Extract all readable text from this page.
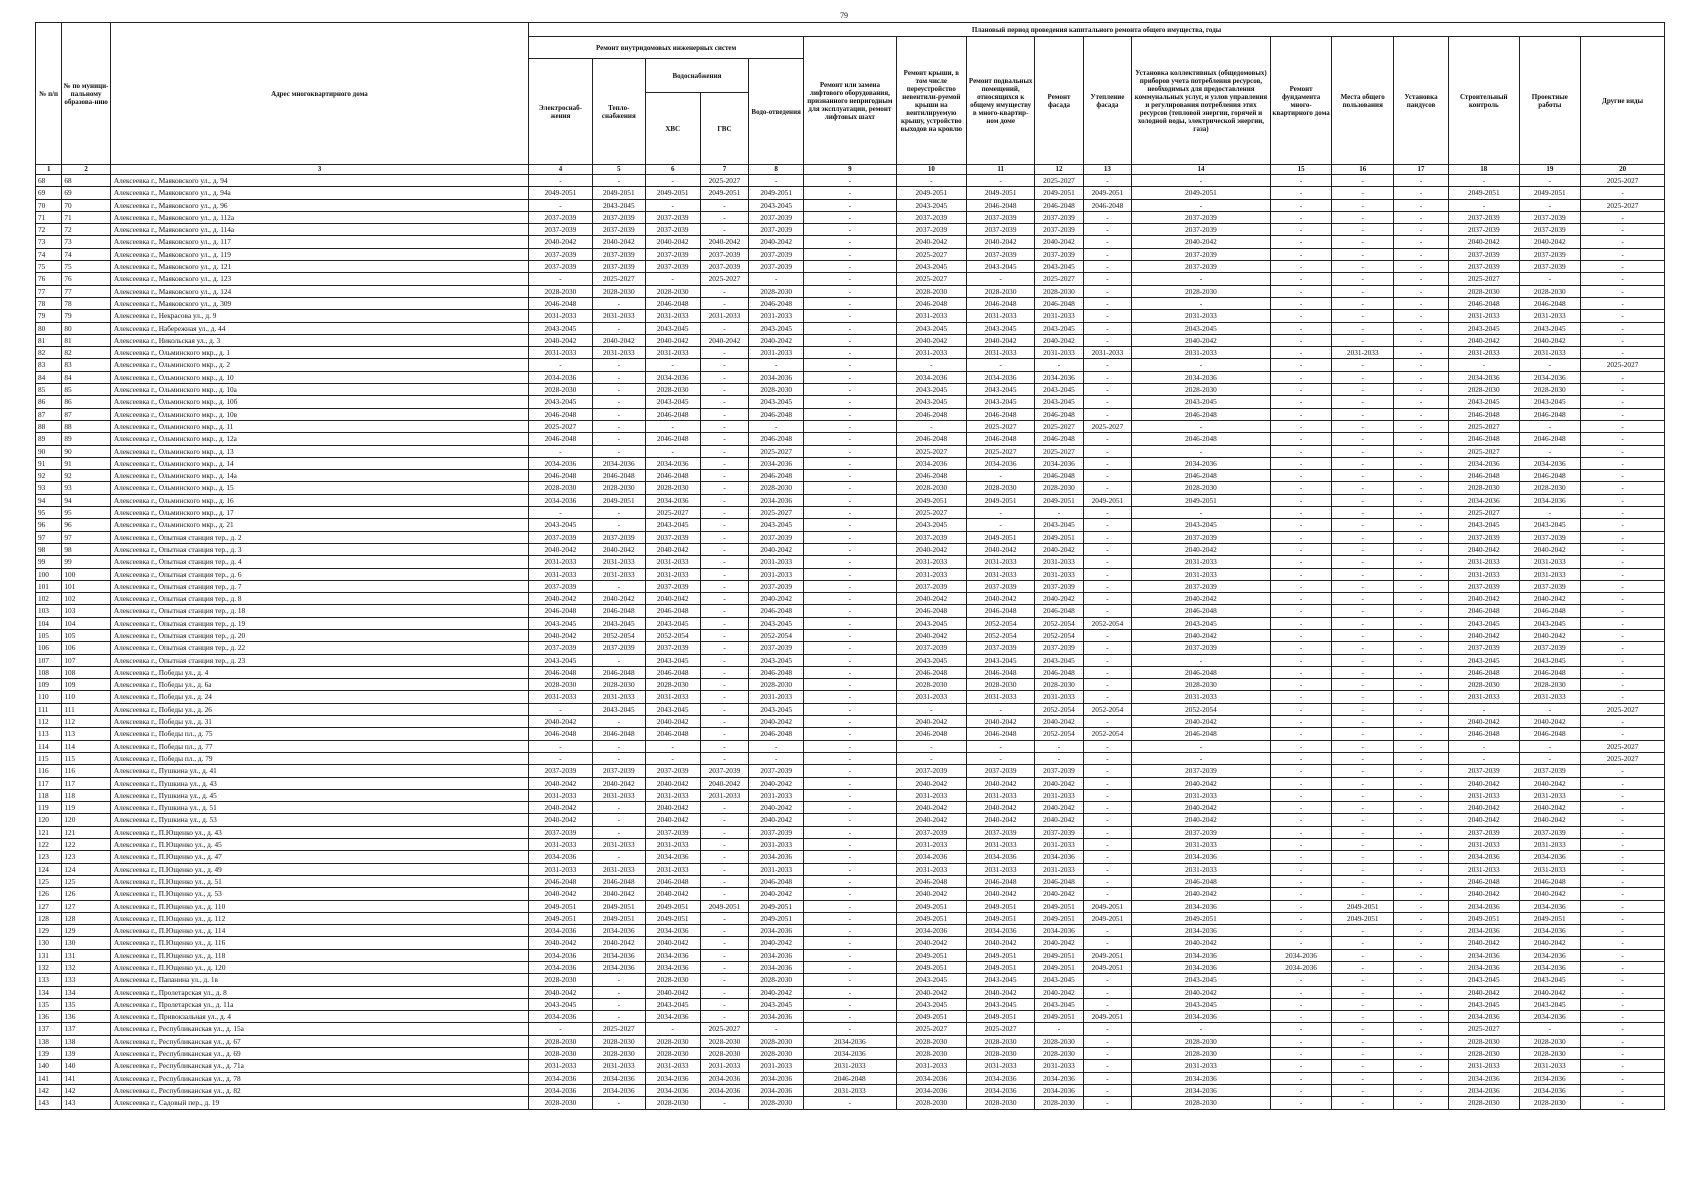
79
№ п/п	№ по муници-пальному образова-нию	Адрес многоквартирного дома	Плановый период проведения капитального ремонта общего имущества, годы																
			Ремонт внутридомовых инженерных систем					Ремонт или замена лифтового оборудования, признанного непригодным для эксплуатации, ремонт лифтовых шахт	Ремонт крыши, в том числе переустройство невентили-руемой крыши на вентилируемую крышу, устройство выходов на кровлю	Ремонт подвальных помещений, относящихся к общему имуществу в много-квартир-ном доме	Ремонт фасада	Утепление фасада	Установка коллективных (общедомовых) приборов учета потребления ресурсов, необходимых для предоставления коммунальных услуг, и узлов управления и регулирования потребления этих ресурсов (тепловой энергии, горячей и холодной воды, электрической энергии, газа)	Ремонт фундамента много-квартирного дома	Места общего пользования	Установка пандусов	Строительный контроль	Проектные работы	Другие виды
			Электроснаб-жения	Тепло-снабжения	Водоснабжения		Водо-отведения												
					ХВС	ГВС													
1	2	3	4	5	6	7	8	9	10	11	12	13	14	15	16	17	18	19	20
68	68	Алексеевка г., Маяковского ул., д. 94	-	-	-	2025-2027	-	-	-	-	2025-2027	-	-	-	-	-	-	-	2025-2027
69	69	Алексеевка г., Маяковского ул., д. 94а	2049-2051	2049-2051	2049-2051	2049-2051	2049-2051	-	2049-2051	2049-2051	2049-2051	2049-2051	2049-2051	-	-	-	2049-2051	2049-2051	-
70	70	Алексеевка г., Маяковского ул., д. 96	-	2043-2045	-	-	2043-2045	-	2043-2045	2046-2048	2046-2048	2046-2048	-	-	-	-	-	-	2025-2027
71	71	Алексеевка г., Маяковского ул., д. 112а	2037-2039	2037-2039	2037-2039	-	2037-2039	-	2037-2039	2037-2039	2037-2039	-	2037-2039	-	-	-	2037-2039	2037-2039	-
72	72	Алексеевка г., Маяковского ул., д. 114а	2037-2039	2037-2039	2037-2039	-	2037-2039	-	2037-2039	2037-2039	2037-2039	-	2037-2039	-	-	-	2037-2039	2037-2039	-
73	73	Алексеевка г., Маяковского ул., д. 117	2040-2042	2040-2042	2040-2042	2040-2042	2040-2042	-	2040-2042	2040-2042	2040-2042	-	2040-2042	-	-	-	2040-2042	2040-2042	-
74	74	Алексеевка г., Маяковского ул., д. 119	2037-2039	2037-2039	2037-2039	2037-2039	2037-2039	-	2025-2027	2037-2039	2037-2039	-	2037-2039	-	-	-	2037-2039	2037-2039	-
75	75	Алексеевка г., Маяковского ул., д. 121	2037-2039	2037-2039	2037-2039	2037-2039	2037-2039	-	2043-2045	2043-2045	2043-2045	-	2037-2039	-	-	-	2037-2039	2037-2039	-
76	76	Алексеевка г., Маяковского ул., д. 123	-	2025-2027	-	2025-2027	-	-	2025-2027	-	2025-2027	-	-	-	-	-	2025-2027	-	-
77	77	Алексеевка г., Маяковского ул., д. 124	2028-2030	2028-2030	2028-2030	-	2028-2030	-	2028-2030	2028-2030	2028-2030	-	2028-2030	-	-	-	2028-2030	2028-2030	-
78	78	Алексеевка г., Маяковского ул., д. 309	2046-2048	-	2046-2048	-	2046-2048	-	2046-2048	2046-2048	2046-2048	-	-	-	-	-	2046-2048	2046-2048	-
79	79	Алексеевка г., Некрасова ул., д. 9	2031-2033	2031-2033	2031-2033	2031-2033	2031-2033	-	2031-2033	2031-2033	2031-2033	-	2031-2033	-	-	-	2031-2033	2031-2033	-
80	80	Алексеевка г., Набережная ул., д. 44	2043-2045	-	2043-2045	-	2043-2045	-	2043-2045	2043-2045	2043-2045	-	2043-2045	-	-	-	2043-2045	2043-2045	-
81	81	Алексеевка г., Никольская ул., д. 3	2040-2042	2040-2042	2040-2042	2040-2042	2040-2042	-	2040-2042	2040-2042	2040-2042	-	2040-2042	-	-	-	2040-2042	2040-2042	-
82	82	Алексеевка г., Ольминского мкр., д. 1	2031-2033	2031-2033	2031-2033	-	2031-2033	-	2031-2033	2031-2033	2031-2033	2031-2033	2031-2033	-	2031-2033	-	2031-2033	2031-2033	-
83	83	Алексеевка г., Ольминского мкр., д. 2	-	-	-	-	-	-	-	-	-	-	-	-	-	-	-	-	2025-2027
84	84	Алексеевка г., Ольминского мкр., д. 10	2034-2036	-	2034-2036	-	2034-2036	-	2034-2036	2034-2036	2034-2036	-	2034-2036	-	-	-	2034-2036	2034-2036	-
85	85	Алексеевка г., Ольминского мкр., д. 10а	2028-2030	-	2028-2030	-	2028-2030	-	2043-2045	2043-2045	2043-2045	-	2028-2030	-	-	-	2028-2030	2028-2030	-
86	86	Алексеевка г., Ольминского мкр., д. 10б	2043-2045	-	2043-2045	-	2043-2045	-	2043-2045	2043-2045	2043-2045	-	2043-2045	-	-	-	2043-2045	2043-2045	-
87	87	Алексеевка г., Ольминского мкр., д. 10в	2046-2048	-	2046-2048	-	2046-2048	-	2046-2048	2046-2048	2046-2048	-	2046-2048	-	-	-	2046-2048	2046-2048	-
88	88	Алексеевка г., Ольминского мкр., д. 11	2025-2027	-	-	-	-	-	-	2025-2027	2025-2027	2025-2027	-	-	-	-	2025-2027	-	-
89	89	Алексеевка г., Ольминского мкр., д. 12а	2046-2048	-	2046-2048	-	2046-2048	-	2046-2048	2046-2048	2046-2048	-	2046-2048	-	-	-	2046-2048	2046-2048	-
90	90	Алексеевка г., Ольминского мкр., д. 13	-	-	-	-	2025-2027	-	2025-2027	2025-2027	2025-2027	-	-	-	-	-	2025-2027	-	-
91	91	Алексеевка г., Ольминского мкр., д. 14	2034-2036	2034-2036	2034-2036	-	2034-2036	-	2034-2036	2034-2036	2034-2036	-	2034-2036	-	-	-	2034-2036	2034-2036	-
92	92	Алексеевка г., Ольминского мкр., д. 14а	2046-2048	2046-2048	2046-2048	-	2046-2048	-	2046-2048	-	2046-2048	-	2046-2048	-	-	-	2046-2048	2046-2048	-
93	93	Алексеевка г., Ольминского мкр., д. 15	2028-2030	2028-2030	2028-2030	-	2028-2030	-	2028-2030	2028-2030	2028-2030	-	2028-2030	-	-	-	2028-2030	2028-2030	-
94	94	Алексеевка г., Ольминского мкр., д. 16	2034-2036	2049-2051	2034-2036	-	2034-2036	-	2049-2051	2049-2051	2049-2051	2049-2051	2049-2051	-	-	-	2034-2036	2034-2036	-
95	95	Алексеевка г., Ольминского мкр., д. 17	-	-	2025-2027	-	2025-2027	-	2025-2027	-	-	-	-	-	-	-	2025-2027	-	-
96	96	Алексеевка г., Ольминского мкр., д. 21	2043-2045	-	2043-2045	-	2043-2045	-	2043-2045	-	2043-2045	-	2043-2045	-	-	-	2043-2045	2043-2045	-
97	97	Алексеевка г., Опытная станция тер., д. 2	2037-2039	2037-2039	2037-2039	-	2037-2039	-	2037-2039	2049-2051	2049-2051	-	2037-2039	-	-	-	2037-2039	2037-2039	-
98	98	Алексеевка г., Опытная станция тер., д. 3	2040-2042	2040-2042	2040-2042	-	2040-2042	-	2040-2042	2040-2042	2040-2042	-	2040-2042	-	-	-	2040-2042	2040-2042	-
99	99	Алексеевка г., Опытная станция тер., д. 4	2031-2033	2031-2033	2031-2033	-	2031-2033	-	2031-2033	2031-2033	2031-2033	-	2031-2033	-	-	-	2031-2033	2031-2033	-
100	100	Алексеевка г., Опытная станция тер., д. 6	2031-2033	2031-2033	2031-2033	-	2031-2033	-	2031-2033	2031-2033	2031-2033	-	2031-2033	-	-	-	2031-2033	2031-2033	-
101	101	Алексеевка г., Опытная станция тер., д. 7	2037-2039	-	2037-2039	-	2037-2039	-	2037-2039	2037-2039	2037-2039	-	2037-2039	-	-	-	2037-2039	2037-2039	-
102	102	Алексеевка г., Опытная станция тер., д. 8	2040-2042	2040-2042	2040-2042	-	2040-2042	-	2040-2042	2040-2042	2040-2042	-	2040-2042	-	-	-	2040-2042	2040-2042	-
103	103	Алексеевка г., Опытная станция тер., д. 18	2046-2048	2046-2048	2046-2048	-	2046-2048	-	2046-2048	2046-2048	2046-2048	-	2046-2048	-	-	-	2046-2048	2046-2048	-
104	104	Алексеевка г., Опытная станция тер., д. 19	2043-2045	2043-2045	2043-2045	-	2043-2045	-	2043-2045	2052-2054	2052-2054	2052-2054	2043-2045	-	-	-	2043-2045	2043-2045	-
105	105	Алексеевка г., Опытная станция тер., д. 20	2040-2042	2052-2054	2052-2054	-	2052-2054	-	2040-2042	2052-2054	2052-2054	-	2040-2042	-	-	-	2040-2042	2040-2042	-
106	106	Алексеевка г., Опытная станция тер., д. 22	2037-2039	2037-2039	2037-2039	-	2037-2039	-	2037-2039	2037-2039	2037-2039	-	2037-2039	-	-	-	2037-2039	2037-2039	-
107	107	Алексеевка г., Опытная станция тер., д. 23	2043-2045	-	2043-2045	-	2043-2045	-	2043-2045	2043-2045	2043-2045	-	-	-	-	-	2043-2045	2043-2045	-
108	108	Алексеевка г., Победы ул., д. 4	2046-2048	2046-2048	2046-2048	-	2046-2048	-	2046-2048	2046-2048	2046-2048	-	2046-2048	-	-	-	2046-2048	2046-2048	-
109	109	Алексеевка г., Победы ул., д. 6а	2028-2030	2028-2030	2028-2030	-	2028-2030	-	2028-2030	2028-2030	2028-2030	-	2028-2030	-	-	-	2028-2030	2028-2030	-
110	110	Алексеевка г., Победы ул., д. 24	2031-2033	2031-2033	2031-2033	-	2031-2033	-	2031-2033	2031-2033	2031-2033	-	2031-2033	-	-	-	2031-2033	2031-2033	-
111	111	Алексеевка г., Победы ул., д. 26	-	2043-2045	2043-2045	-	2043-2045	-	-	-	2052-2054	2052-2054	2052-2054	-	-	-	-	-	2025-2027
112	112	Алексеевка г., Победы ул., д. 31	2040-2042	-	2040-2042	-	2040-2042	-	2040-2042	2040-2042	2040-2042	-	2040-2042	-	-	-	2040-2042	2040-2042	-
113	113	Алексеевка г., Победы пл., д. 75	2046-2048	2046-2048	2046-2048	-	2046-2048	-	2046-2048	2046-2048	2052-2054	2052-2054	2046-2048	-	-	-	2046-2048	2046-2048	-
114	114	Алексеевка г., Победы пл., д. 77	-	-	-	-	-	-	-	-	-	-	-	-	-	-	-	-	2025-2027
115	115	Алексеевка г., Победы пл., д. 79	-	-	-	-	-	-	-	-	-	-	-	-	-	-	-	-	2025-2027
116	116	Алексеевка г., Пушкина ул., д. 41	2037-2039	2037-2039	2037-2039	2037-2039	2037-2039	-	2037-2039	2037-2039	2037-2039	-	2037-2039	-	-	-	2037-2039	2037-2039	-
117	117	Алексеевка г., Пушкина ул., д. 43	2040-2042	2040-2042	2040-2042	2040-2042	2040-2042	-	2040-2042	2040-2042	2040-2042	-	2040-2042	-	-	-	2040-2042	2040-2042	-
118	118	Алексеевка г., Пушкина ул., д. 45	2031-2033	2031-2033	2031-2033	2031-2033	2031-2033	-	2031-2033	2031-2033	2031-2033	-	2031-2033	-	-	-	2031-2033	2031-2033	-
119	119	Алексеевка г., Пушкина ул., д. 51	2040-2042	-	2040-2042	-	2040-2042	-	2040-2042	2040-2042	2040-2042	-	2040-2042	-	-	-	2040-2042	2040-2042	-
120	120	Алексеевка г., Пушкина ул., д. 53	2040-2042	-	2040-2042	-	2040-2042	-	2040-2042	2040-2042	2040-2042	-	2040-2042	-	-	-	2040-2042	2040-2042	-
121	121	Алексеевка г., П.Ющенко ул., д. 43	2037-2039	-	2037-2039	-	2037-2039	-	2037-2039	2037-2039	2037-2039	-	2037-2039	-	-	-	2037-2039	2037-2039	-
122	122	Алексеевка г., П.Ющенко ул., д. 45	2031-2033	2031-2033	2031-2033	-	2031-2033	-	2031-2033	2031-2033	2031-2033	-	2031-2033	-	-	-	2031-2033	2031-2033	-
123	123	Алексеевка г., П.Ющенко ул., д. 47	2034-2036	-	2034-2036	-	2034-2036	-	2034-2036	2034-2036	2034-2036	-	2034-2036	-	-	-	2034-2036	2034-2036	-
124	124	Алексеевка г., П.Ющенко ул., д. 49	2031-2033	2031-2033	2031-2033	-	2031-2033	-	2031-2033	2031-2033	2031-2033	-	2031-2033	-	-	-	2031-2033	2031-2033	-
125	125	Алексеевка г., П.Ющенко ул., д. 51	2046-2048	2046-2048	2046-2048	-	2046-2048	-	2046-2048	2046-2048	2046-2048	-	2046-2048	-	-	-	2046-2048	2046-2048	-
126	126	Алексеевка г., П.Ющенко ул., д. 53	2040-2042	2040-2042	2040-2042	-	2040-2042	-	2040-2042	2040-2042	2040-2042	-	2040-2042	-	-	-	2040-2042	2040-2042	-
127	127	Алексеевка г., П.Ющенко ул., д. 110	2049-2051	2049-2051	2049-2051	2049-2051	2049-2051	-	2049-2051	2049-2051	2049-2051	2049-2051	2034-2036	-	2049-2051	-	2034-2036	2034-2036	-
128	128	Алексеевка г., П.Ющенко ул., д. 112	2049-2051	2049-2051	2049-2051	-	2049-2051	-	2049-2051	2049-2051	2049-2051	2049-2051	2049-2051	-	2049-2051	-	2049-2051	2049-2051	-
129	129	Алексеевка г., П.Ющенко ул., д. 114	2034-2036	2034-2036	2034-2036	-	2034-2036	-	2034-2036	2034-2036	2034-2036	-	2034-2036	-	-	-	2034-2036	2034-2036	-
130	130	Алексеевка г., П.Ющенко ул., д. 116	2040-2042	2040-2042	2040-2042	-	2040-2042	-	2040-2042	2040-2042	2040-2042	-	2040-2042	-	-	-	2040-2042	2040-2042	-
131	131	Алексеевка г., П.Ющенко ул., д. 118	2034-2036	2034-2036	2034-2036	-	2034-2036	-	2049-2051	2049-2051	2049-2051	2049-2051	2034-2036	2034-2036	-	-	2034-2036	2034-2036	-
132	132	Алексеевка г., П.Ющенко ул., д. 120	2034-2036	2034-2036	2034-2036	-	2034-2036	-	2049-2051	2049-2051	2049-2051	2049-2051	2034-2036	2034-2036	-	-	2034-2036	2034-2036	-
133	133	Алексеевка г., Папанина ул., д. 1в	2028-2030	-	2028-2030	-	2028-2030	-	2043-2045	2043-2045	2043-2045	-	2043-2045	-	-	-	2043-2045	2043-2045	-
134	134	Алексеевка г., Пролетарская ул., д. 8	2040-2042	-	2040-2042	-	2040-2042	-	2040-2042	2040-2042	2040-2042	-	2040-2042	-	-	-	2040-2042	2040-2042	-
135	135	Алексеевка г., Пролетарская ул., д. 11а	2043-2045	-	2043-2045	-	2043-2045	-	2043-2045	2043-2045	2043-2045	-	2043-2045	-	-	-	2043-2045	2043-2045	-
136	136	Алексеевка г., Привокзальная ул., д. 4	2034-2036	-	2034-2036	-	2034-2036	-	2049-2051	2049-2051	2049-2051	2049-2051	2034-2036	-	-	-	2034-2036	2034-2036	-
137	137	Алексеевка г., Республиканская ул., д. 15а	-	2025-2027	-	2025-2027	-	-	2025-2027	2025-2027	-	-	-	-	-	-	2025-2027	-	-
138	138	Алексеевка г., Республиканская ул., д. 67	2028-2030	2028-2030	2028-2030	2028-2030	2028-2030	2034-2036	2028-2030	2028-2030	2028-2030	-	2028-2030	-	-	-	2028-2030	2028-2030	-
139	139	Алексеевка г., Республиканская ул., д. 69	2028-2030	2028-2030	2028-2030	2028-2030	2028-2030	2034-2036	2028-2030	2028-2030	2028-2030	-	2028-2030	-	-	-	2028-2030	2028-2030	-
140	140	Алексеевка г., Республиканская ул., д. 71а	2031-2033	2031-2033	2031-2033	2031-2033	2031-2033	2031-2033	2031-2033	2031-2033	2031-2033	-	2031-2033	-	-	-	2031-2033	2031-2033	-
141	141	Алексеевка г., Республиканская ул., д. 78	2034-2036	2034-2036	2034-2036	2034-2036	2034-2036	2046-2048	2034-2036	2034-2036	2034-2036	-	2034-2036	-	-	-	2034-2036	2034-2036	-
142	142	Алексеевка г., Республиканская ул., д. 82	2034-2036	2034-2036	2034-2036	2034-2036	2034-2036	2031-2033	2034-2036	2034-2036	2034-2036	-	2034-2036	-	-	-	2034-2036	2034-2036	-
143	143	Алексеевка г., Садовый пер., д. 19	2028-2030	-	2028-2030	-	2028-2030	-	2028-2030	2028-2030	2028-2030	-	2028-2030	-	-	-	2028-2030	2028-2030	-
